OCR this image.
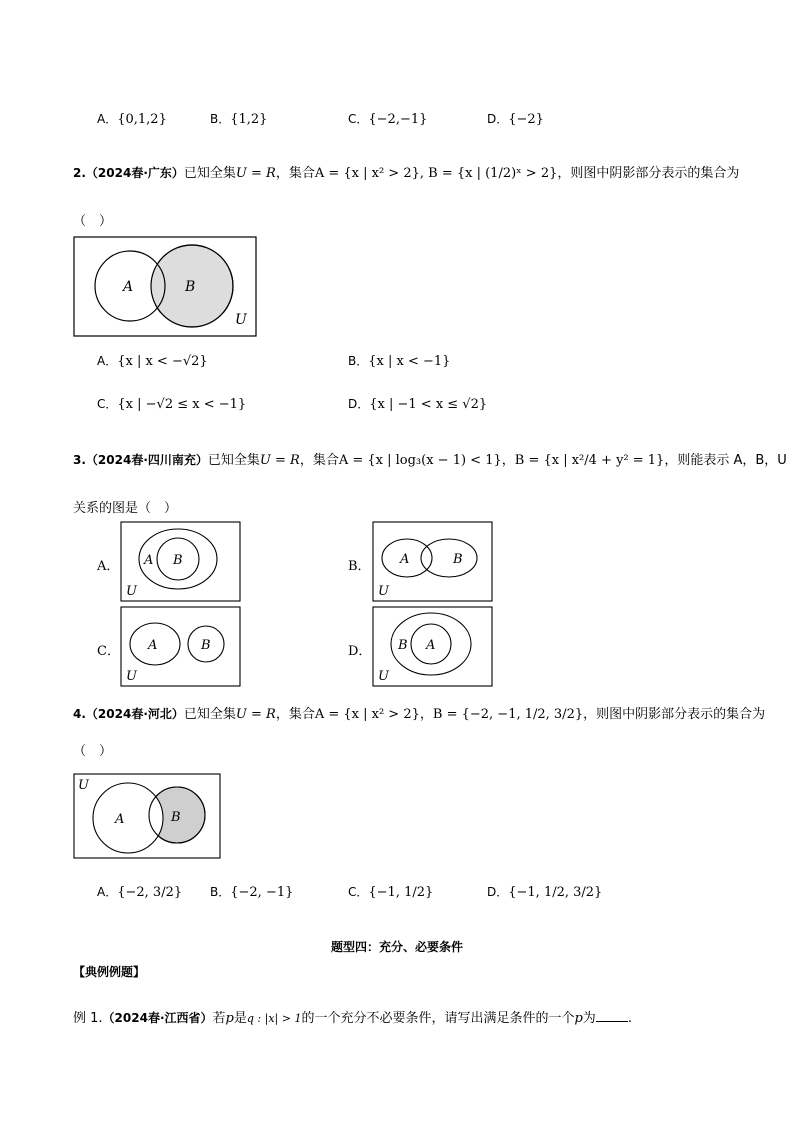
A．{0,1,2}	B．{1,2}	C．{−2,−1}	D．{−2}
2.（2024春·广东）已知全集U = R，集合A = {x | x² > 2}, B = {x | (1/2)ˣ > 2}，则图中阴影部分表示的集合为
（　）
A	B
U
A．{x | x < −√2}	B．{x | x < −1}
C．{x | −√2 ≤ x < −1}	D．{x | −1 < x ≤ √2}
3.（2024春·四川南充）已知全集U = R，集合A = {x | log₃(x − 1) < 1}，B = {x | x²/4 + y² = 1}，则能表示 A，B，U
关系的图是（　）
A． A B
U
B． A	B
U
C． A	B
U
D． B A
U
4.（2024春·河北）已知全集U = R，集合A = {x | x² > 2}，B = {−2, −1, 1/2, 3/2}，则图中阴影部分表示的集合为
（　）
A	B
U
A．{−2, 3/2} B．{−2, −1}	C．{−1, 1/2}	D．{−1, 1/2, 3/2}
题型四：充分、必要条件
【典例例题】
例 1.（2024春·江西省）若p是q : |x| > 1的一个充分不必要条件，请写出满足条件的一个p为 .
